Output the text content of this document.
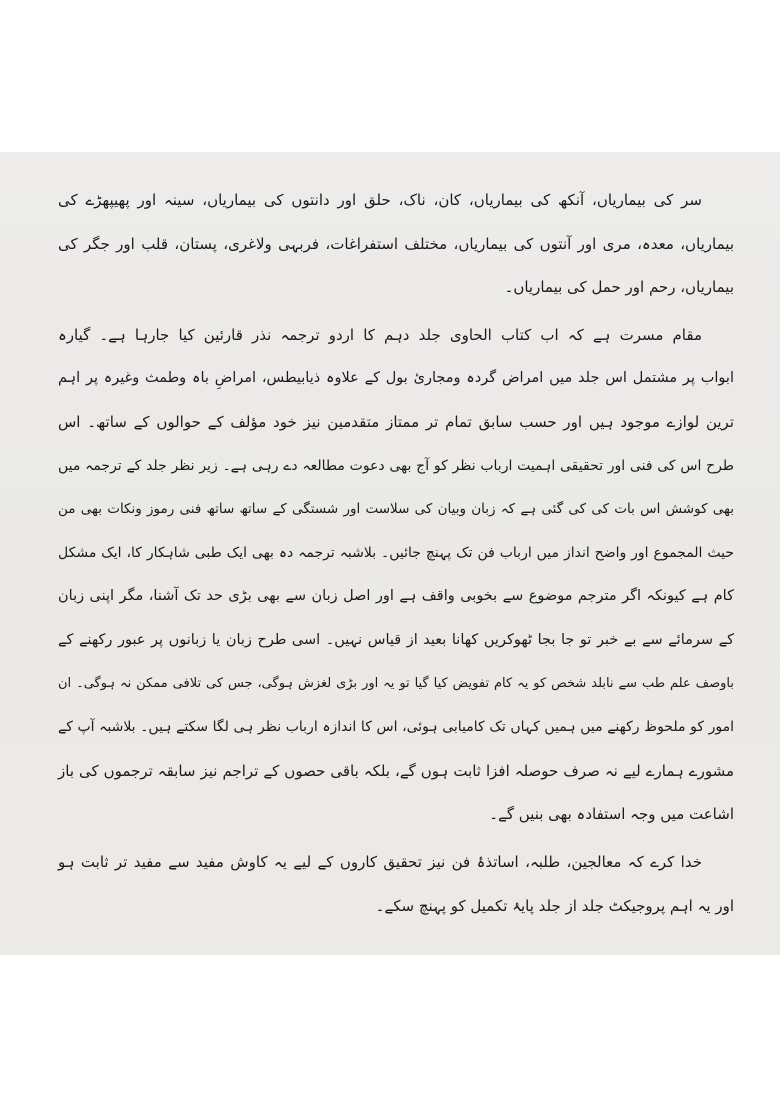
سر کی بیماریاں، آنکھ کی بیماریاں، کان، ناک، حلق اور دانتوں کی بیماریاں، سینہ اور پھیپھڑے کی
بیماریاں، معدہ، مری اور آنتوں کی بیماریاں، مختلف استفراغات، فربہی ولاغری، پستان، قلب اور جگر کی
بیماریاں، رحم اور حمل کی بیماریاں۔
مقام مسرت ہے کہ اب کتاب الحاوی جلد دہم کا اردو ترجمہ نذر قارئین کیا جارہا ہے۔ گیارہ
ابواب پر مشتمل اس جلد میں امراض گردہ ومجاریٔ بول کے علاوہ ذیابیطس، امراضِ باہ وطمث وغیرہ پر اہم
ترین لوازے موجود ہیں اور حسب سابق تمام تر ممتاز متقدمین نیز خود مؤلف کے حوالوں کے ساتھ۔ اس
طرح اس کی فنی اور تحقیقی اہمیت ارباب نظر کو آج بھی دعوت مطالعہ دے رہی ہے۔ زیر نظر جلد کے ترجمہ میں
بھی کوشش اس بات کی کی گئی ہے کہ زبان وبیان کی سلاست اور شستگی کے ساتھ ساتھ فنی رموز ونکات بھی من
حیث المجموع اور واضح انداز میں ارباب فن تک پہنچ جائیں۔ بلاشبہ ترجمہ دہ بھی ایک طبی شاہکار کا، ایک مشکل
کام ہے کیونکہ اگر مترجم موضوع سے بخوبی واقف ہے اور اصل زبان سے بھی بڑی حد تک آشنا، مگر اپنی زبان
کے سرمائے سے بے خبر تو جا بجا ٹھوکریں کھانا بعید از قیاس نہیں۔ اسی طرح زبان یا زبانوں پر عبور رکھنے کے
باوصف علم طب سے نابلد شخص کو یہ کام تفویض کیا گیا تو یہ اور بڑی لغزش ہوگی، جس کی تلافی ممکن نہ ہوگی۔ ان
امور کو ملحوظ رکھنے میں ہمیں کہاں تک کامیابی ہوئی، اس کا اندازہ ارباب نظر ہی لگا سکتے ہیں۔ بلاشبہ آپ کے
مشورے ہمارے لیے نہ صرف حوصلہ افزا ثابت ہوں گے، بلکہ باقی حصوں کے تراجم نیز سابقہ ترجموں کی باز
اشاعت میں وجہ استفادہ بھی بنیں گے۔
خدا کرے کہ معالجین، طلبہ، اساتذۂ فن نیز تحقیق کاروں کے لیے یہ کاوش مفید سے مفید تر ثابت ہو
اور یہ اہم پروجیکٹ جلد از جلد پایۂ تکمیل کو پہنچ سکے۔
